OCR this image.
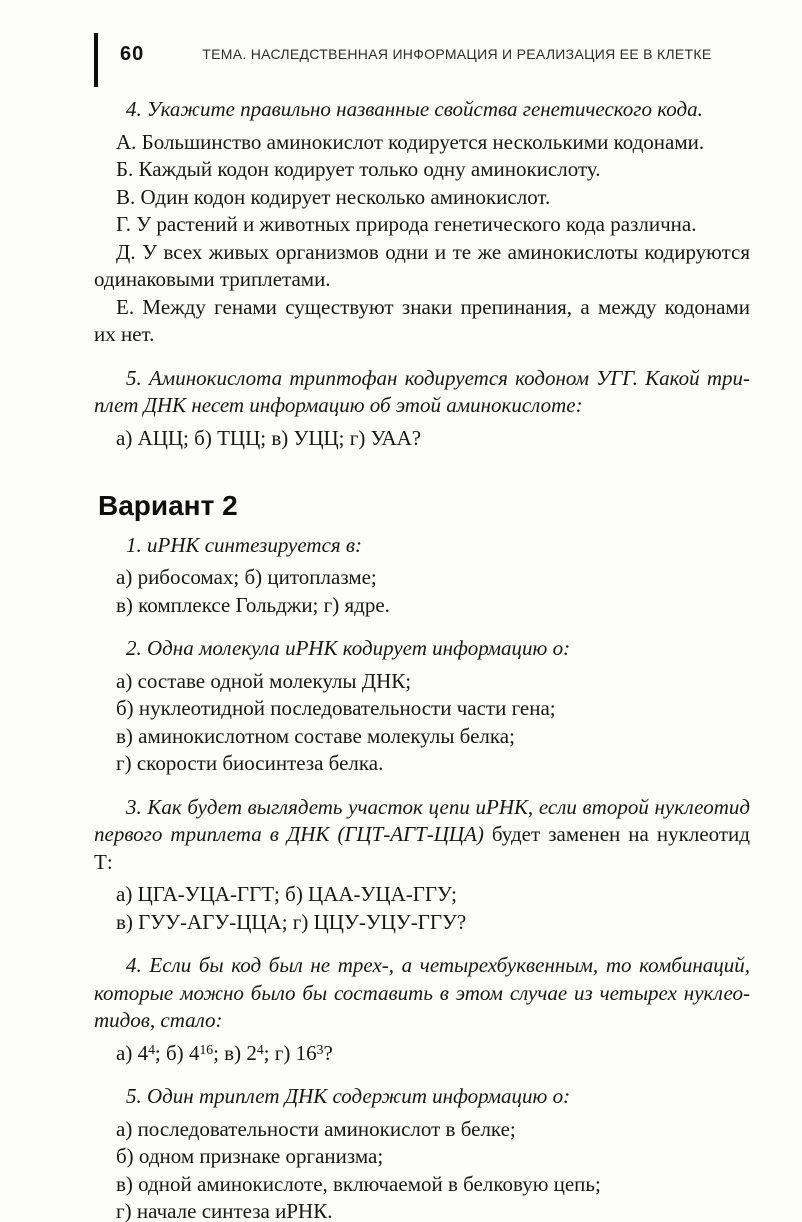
60	ТЕМА. НАСЛЕДСТВЕННАЯ ИНФОРМАЦИЯ И РЕАЛИЗАЦИЯ ЕЕ В КЛЕТКЕ

4. Укажите правильно названные свойства генетического кода.

А. Большинство аминокислот кодируется несколькими кодонами.

Б. Каждый кодон кодирует только одну аминокислоту.

В. Один кодон кодирует несколько аминокислот.

Г. У растений и животных природа генетического кода различна.

Д. У всех живых организмов одни и те же аминокислоты кодируются одинаковыми триплетами.

Е. Между генами существуют знаки препинания, а между кодонами их нет.

5. Аминокислота триптофан кодируется кодоном УГГ. Какой триплет ДНК несет информацию об этой аминокислоте:

а) АЦЦ; б) ТЦЦ; в) УЦЦ; г) УАА?

Вариант 2

1. иРНК синтезируется в:

а) рибосомах; б) цитоплазме;

в) комплексе Гольджи; г) ядре.

2. Одна молекула иРНК кодирует информацию о:

а) составе одной молекулы ДНК;

б) нуклеотидной последовательности части гена;

в) аминокислотном составе молекулы белка;

г) скорости биосинтеза белка.

3. Как будет выглядеть участок цепи иРНК, если второй нуклеотид первого триплета в ДНК (ГЦТ-АГТ-ЦЦА) будет заменен на нуклеотид Т:

а) ЦГА-УЦА-ГГТ; б) ЦАА-УЦА-ГГУ;

в) ГУУ-АГУ-ЦЦА; г) ЦЦУ-УЦУ-ГГУ?

4. Если бы код был не трех-, а четырехбуквенным, то комбинаций, которые можно было бы составить в этом случае из четырех нуклеотидов, стало:

а) $4^4$; б) $4^{16}$; в) $2^4$; г) $16^3$?

5. Один триплет ДНК содержит информацию о:

а) последовательности аминокислот в белке;

б) одном признаке организма;

в) одной аминокислоте, включаемой в белковую цепь;

г) начале синтеза иРНК.
